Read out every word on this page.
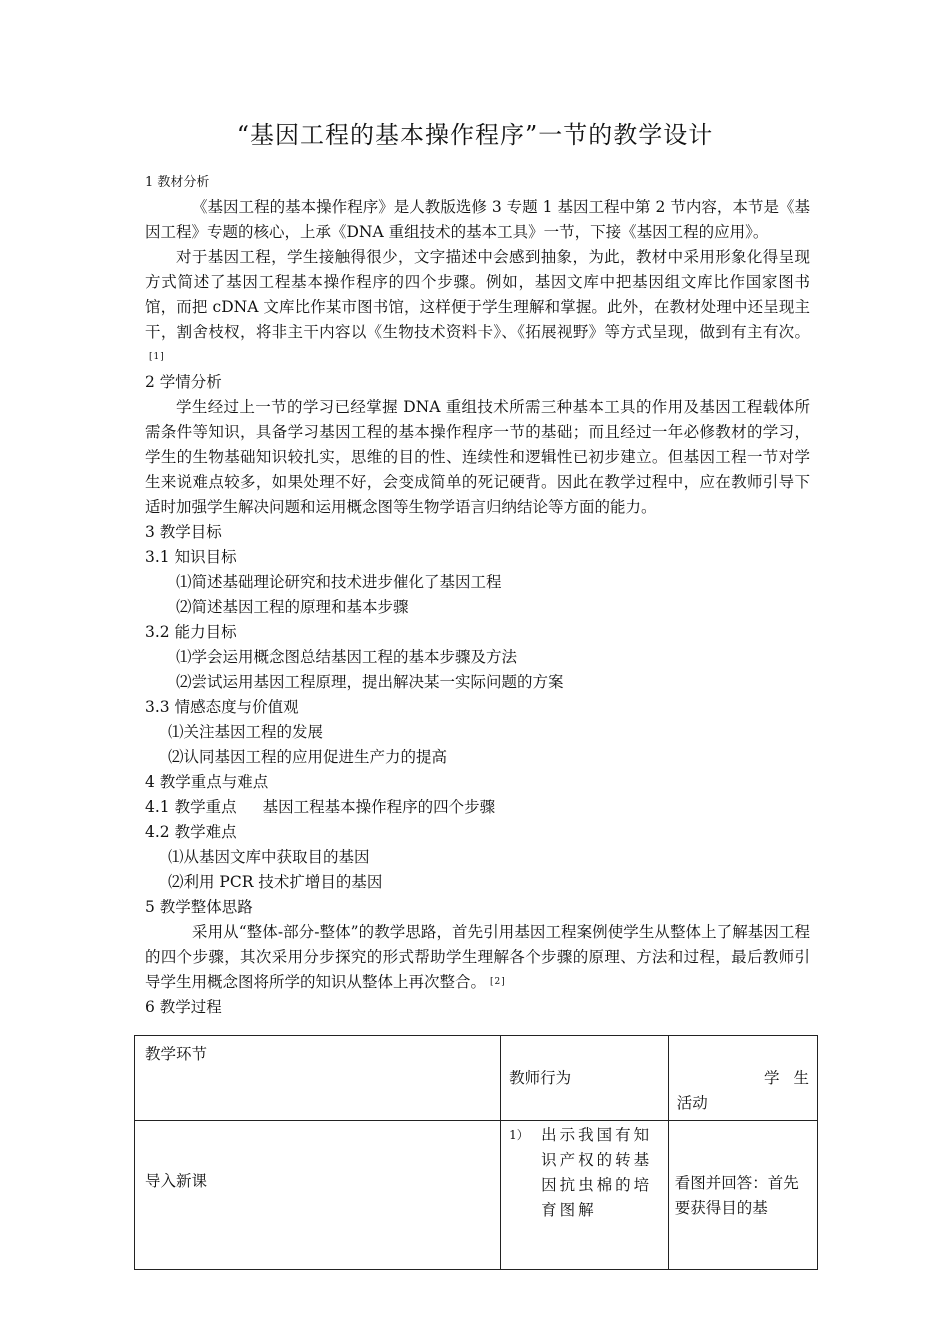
“基因工程的基本操作程序”一节的教学设计
1 教材分析
《基因工程的基本操作程序》是人教版选修 3 专题 1 基因工程中第 2 节内容，本节是《基因工程》专题的核心，上承《DNA 重组技术的基本工具》一节，下接《基因工程的应用》。
对于基因工程，学生接触得很少，文字描述中会感到抽象，为此，教材中采用形象化得呈现方式简述了基因工程基本操作程序的四个步骤。例如，基因文库中把基因组文库比作国家图书馆，而把 cDNA 文库比作某市图书馆，这样便于学生理解和掌握。此外，在教材处理中还呈现主干，割舍枝杈，将非主干内容以《生物技术资料卡》、《拓展视野》等方式呈现，做到有主有次。[1]
2 学情分析
学生经过上一节的学习已经掌握 DNA 重组技术所需三种基本工具的作用及基因工程载体所需条件等知识，具备学习基因工程的基本操作程序一节的基础；而且经过一年必修教材的学习，学生的生物基础知识较扎实，思维的目的性、连续性和逻辑性已初步建立。但基因工程一节对学生来说难点较多，如果处理不好，会变成简单的死记硬背。因此在教学过程中，应在教师引导下适时加强学生解决问题和运用概念图等生物学语言归纳结论等方面的能力。
3 教学目标
3.1 知识目标
⑴简述基础理论研究和技术进步催化了基因工程
⑵简述基因工程的原理和基本步骤
3.2 能力目标
⑴学会运用概念图总结基因工程的基本步骤及方法
⑵尝试运用基因工程原理，提出解决某一实际问题的方案
3.3 情感态度与价值观
⑴关注基因工程的发展
⑵认同基因工程的应用促进生产力的提高
4 教学重点与难点
4.1 教学重点 基因工程基本操作程序的四个步骤
4.2 教学难点
⑴从基因文库中获取目的基因
⑵利用 PCR 技术扩增目的基因
5 教学整体思路
采用从“整体-部分-整体”的教学思路，首先引用基因工程案例使学生从整体上了解基因工程的四个步骤，其次采用分步探究的形式帮助学生理解各个步骤的原理、方法和过程，最后教师引导学生用概念图将所学的知识从整体上再次整合。 [2]
6 教学过程
教学环节	教师行为	学生
活动

导入新课	1） 出示我国有知识产权的转基因抗虫棉的培育图解	看图并回答：首先要获得目的基
